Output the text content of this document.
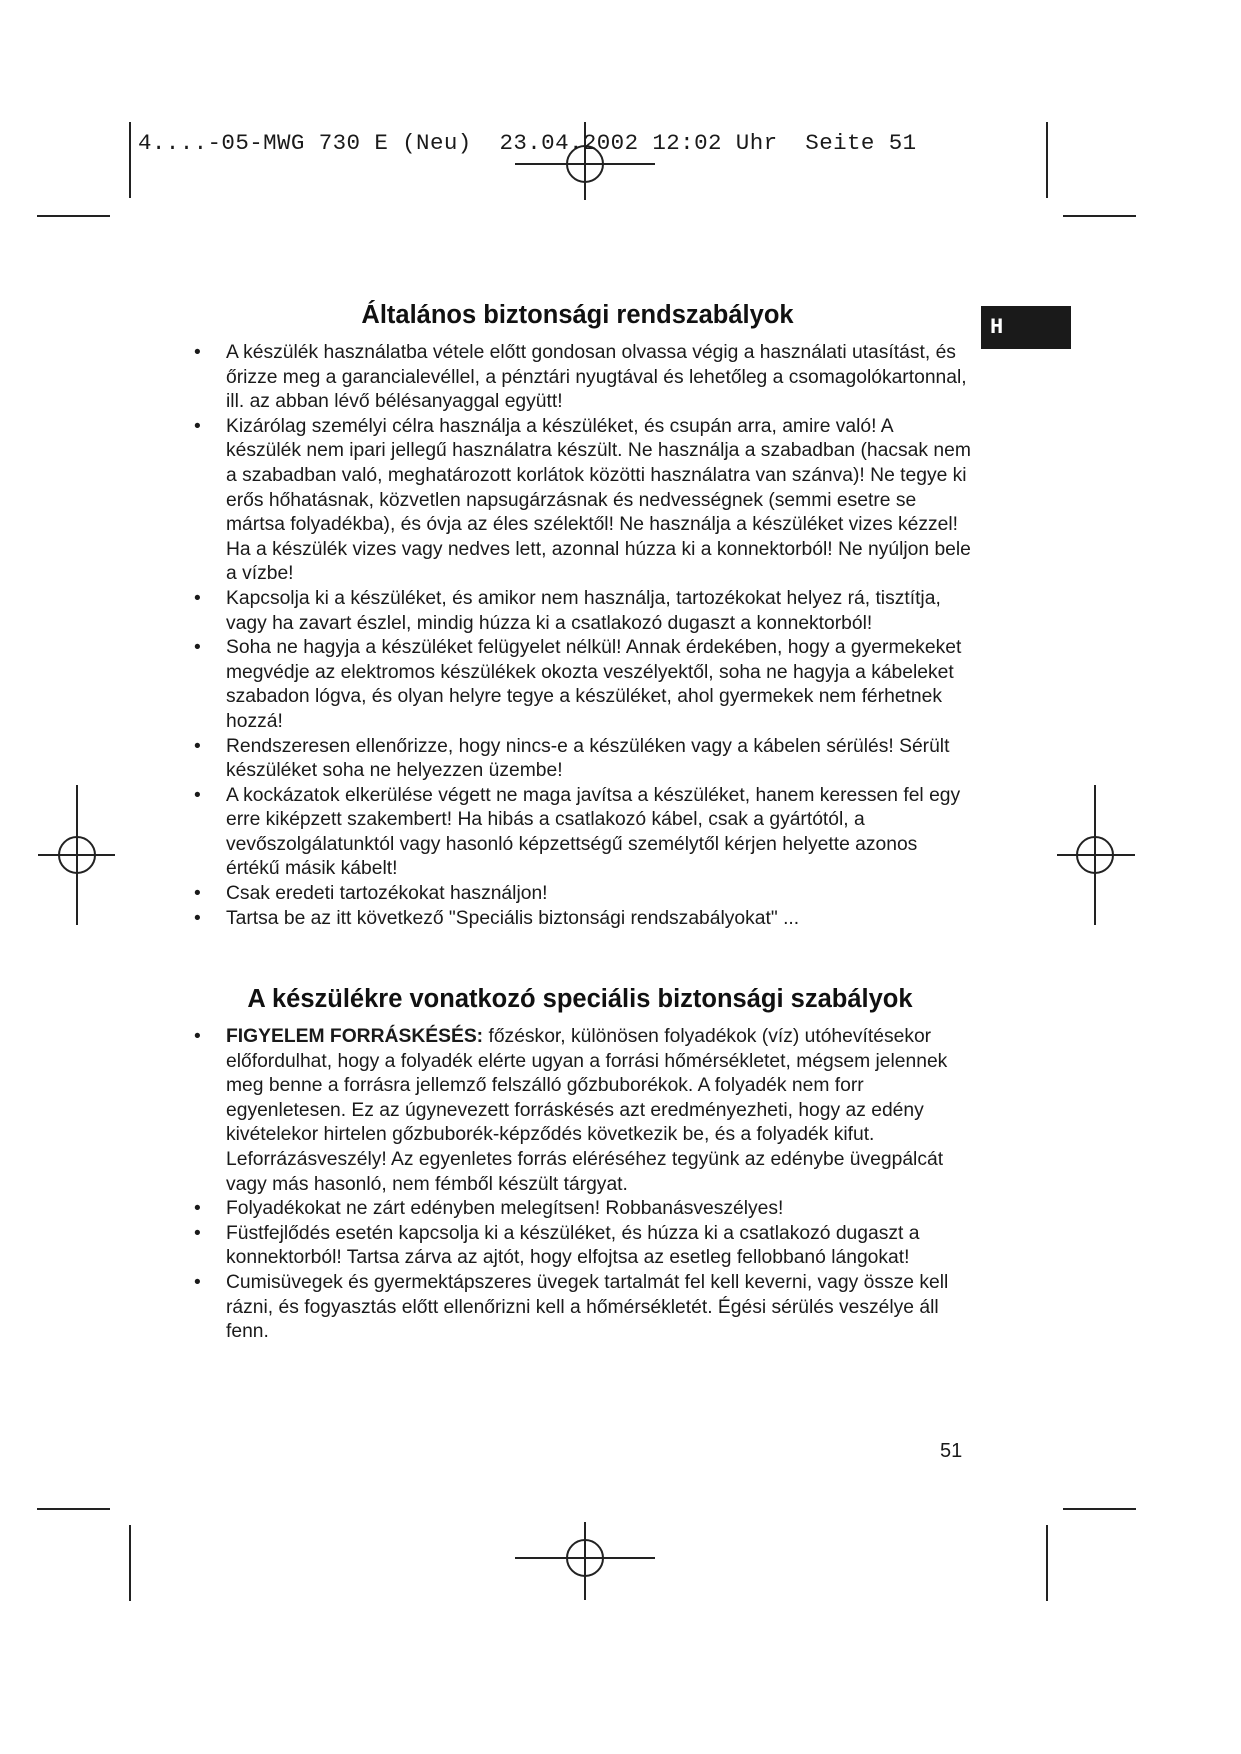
4....-05-MWG 730 E (Neu)  23.04.2002 12:02 Uhr  Seite 51
H
Általános biztonsági rendszabályok
A készülék használatba vétele előtt gondosan olvassa végig a használati utasítást, és őrizze meg a garancialevéllel, a pénztári nyugtával és lehetőleg a csomagolókartonnal, ill. az abban lévő bélésanyaggal együtt!
Kizárólag személyi célra használja a készüléket, és csupán arra, amire való! A készülék nem ipari jellegű használatra készült. Ne használja a szabadban (hacsak nem a szabadban való, meghatározott korlátok közötti használatra van szánva)! Ne tegye ki erős hőhatásnak, közvetlen napsugárzásnak és nedvességnek (semmi esetre se mártsa folyadékba), és óvja az éles szélektől! Ne használja a készüléket vizes kézzel! Ha a készülék vizes vagy nedves lett, azonnal húzza ki a konnektorból! Ne nyúljon bele a vízbe!
Kapcsolja ki a készüléket, és amikor nem használja, tartozékokat helyez rá, tisztítja, vagy ha zavart észlel, mindig húzza ki a csatlakozó dugaszt a konnektorból!
Soha ne hagyja a készüléket felügyelet nélkül! Annak érdekében, hogy a gyermekeket megvédje az elektromos készülékek okozta veszélyektől, soha ne hagyja a kábeleket szabadon lógva, és olyan helyre tegye a készüléket, ahol gyermekek nem férhetnek hozzá!
Rendszeresen ellenőrizze, hogy nincs-e a készüléken vagy a kábelen sérülés! Sérült készüléket soha ne helyezzen üzembe!
A kockázatok elkerülése végett ne maga javítsa a készüléket, hanem keressen fel egy erre kiképzett szakembert! Ha hibás a csatlakozó kábel, csak a gyártótól, a vevőszolgálatunktól vagy hasonló képzettségű személytől kérjen helyette azonos értékű másik kábelt!
Csak eredeti tartozékokat használjon!
Tartsa be az itt következő "Speciális biztonsági rendszabályokat" ...
A készülékre vonatkozó speciális biztonsági szabályok
FIGYELEM FORRÁSKÉSÉS: főzéskor, különösen folyadékok (víz) utóhevítésekor előfordulhat, hogy a folyadék elérte ugyan a forrási hőmérsékletet, mégsem jelennek meg benne a forrásra jellemző felszálló gőzbuborékok. A folyadék nem forr egyenletesen. Ez az úgynevezett forráskésés azt eredményezheti, hogy az edény kivételekor hirtelen gőzbuborék-képződés következik be, és a folyadék kifut. Leforrázásveszély! Az egyenletes forrás eléréséhez tegyünk az edénybe üvegpálcát vagy más hasonló, nem fémből készült tárgyat.
Folyadékokat ne zárt edényben melegítsen! Robbanásveszélyes!
Füstfejlődés esetén kapcsolja ki a készüléket, és húzza ki a csatlakozó dugaszt a konnektorból! Tartsa zárva az ajtót, hogy elfojtsa az esetleg fellobbanó lángokat!
Cumisüvegek és gyermektápszeres üvegek tartalmát fel kell keverni, vagy össze kell rázni, és fogyasztás előtt ellenőrizni kell a hőmérsékletét. Égési sérülés veszélye áll fenn.
51
